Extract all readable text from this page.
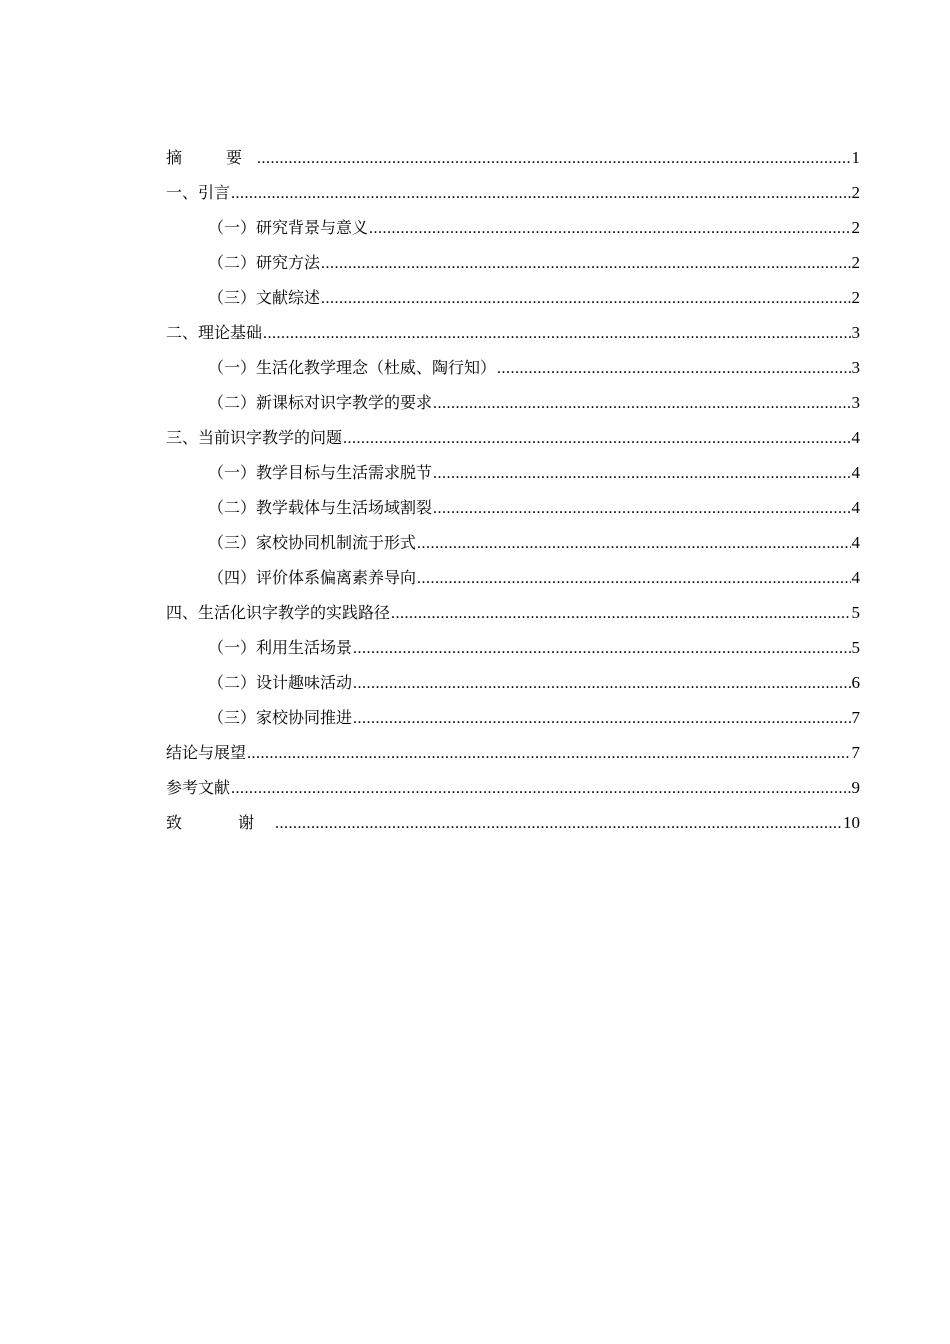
摘　要 .....	1
一、引言 .....	2
（一）研究背景与意义 .....	2
（二）研究方法 .....	2
（三）文献综述 .....	2
二、理论基础 .....	3
（一）生活化教学理念（杜威、陶行知） .....	3
（二）新课标对识字教学的要求 .....	3
三、当前识字教学的问题 .....	4
（一）教学目标与生活需求脱节 .....	4
（二）教学载体与生活场域割裂 .....	4
（三）家校协同机制流于形式 .....	4
（四）评价体系偏离素养导向 .....	4
四、生活化识字教学的实践路径 .....	5
（一）利用生活场景 .....	5
（二）设计趣味活动 .....	6
（三）家校协同推进 .....	7
结论与展望 .....	7
参考文献 .....	9
致　谢 .....	10
